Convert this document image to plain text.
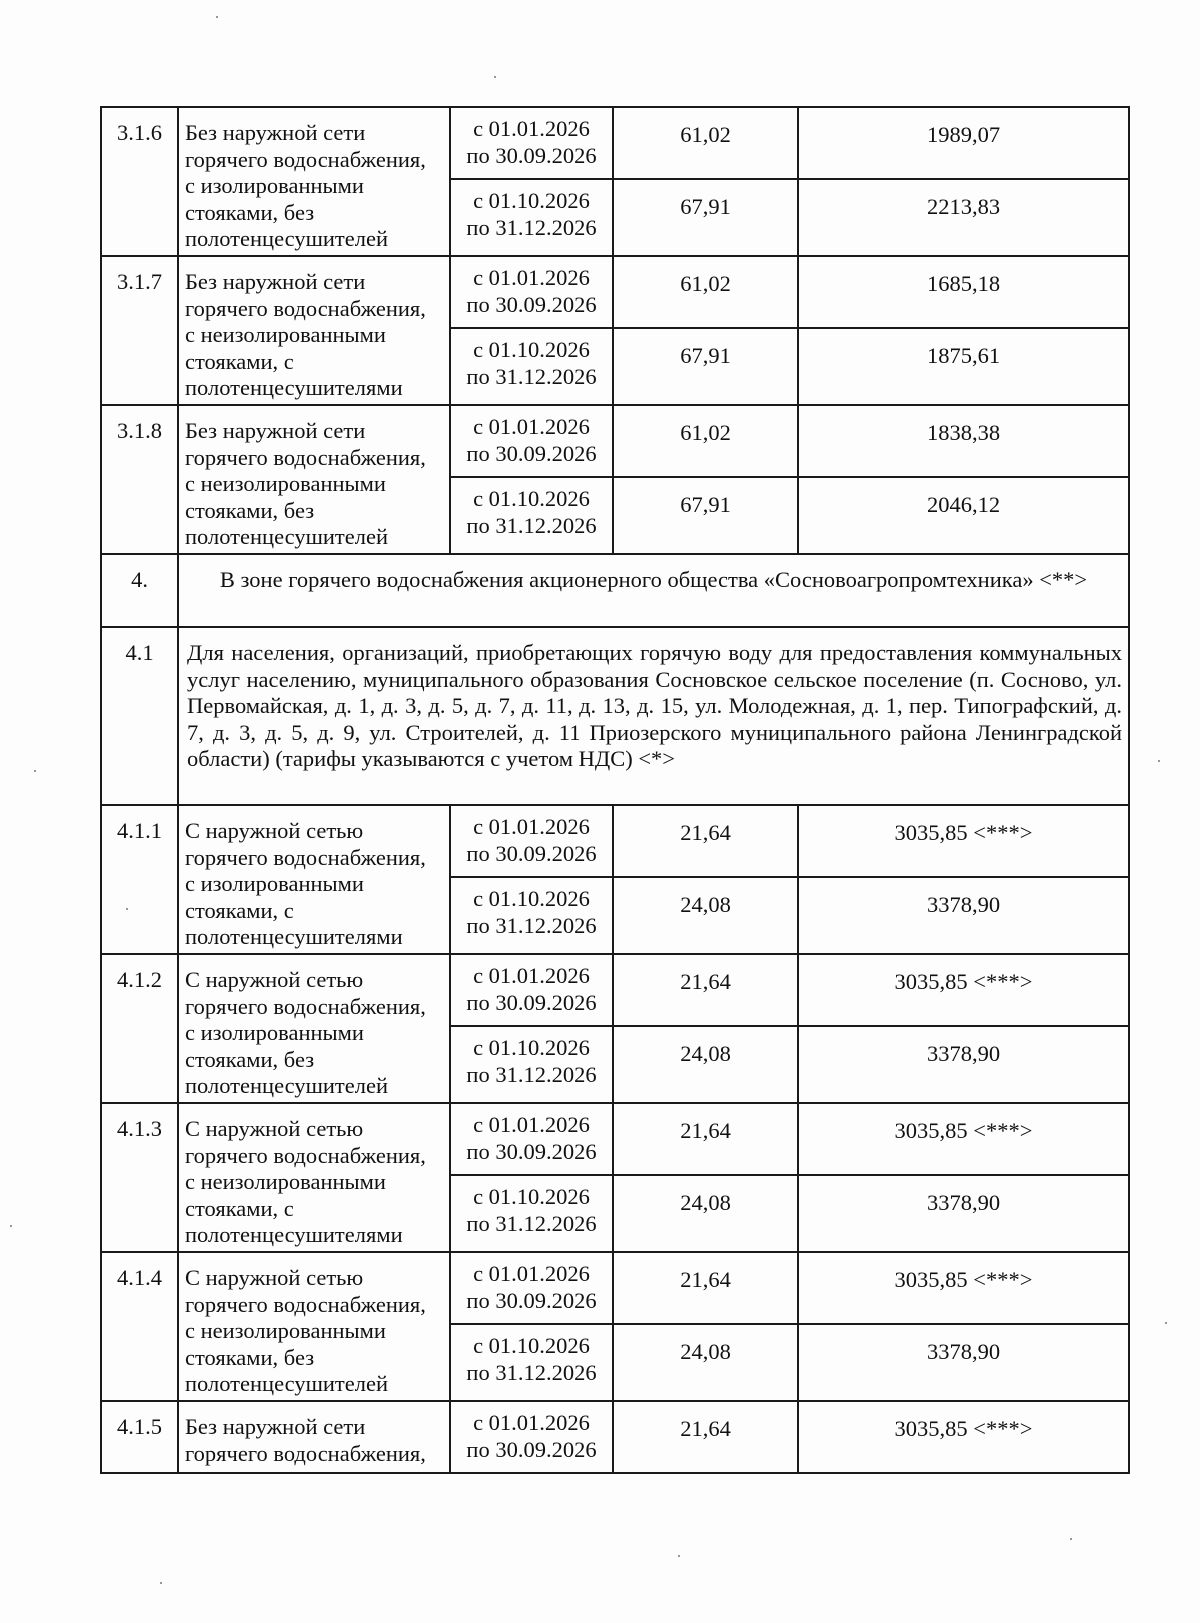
3.1.6	Без наружной сети
горячего водоснабжения,
с изолированными
стояками, без
полотенцесушителей	с 01.01.2026
по 30.09.2026	61,02	1989,07

		с 01.10.2026
по 31.12.2026	67,91	2213,83
3.1.7	Без наружной сети
горячего водоснабжения,
с неизолированными
стояками, с
полотенцесушителями	с 01.01.2026
по 30.09.2026	61,02	1685,18

		с 01.10.2026
по 31.12.2026	67,91	1875,61
3.1.8	Без наружной сети
горячего водоснабжения,
с неизолированными
стояками, без
полотенцесушителей	с 01.01.2026
по 30.09.2026	61,02	1838,38

		с 01.10.2026
по 31.12.2026	67,91	2046,12
4.	В зоне горячего водоснабжения акционерного общества «Сосновоагропромтехника» <**>			
4.1	Для населения, организаций, приобретающих горячую воду для предоставления коммунальных услуг населению, муниципального образования Сосновское сельское поселение (п. Сосново, ул. Первомайская, д. 1, д. 3, д. 5, д. 7, д. 11, д. 13, д. 15, ул. Молодежная, д. 1, пер. Типографский, д. 7, д. 3, д. 5, д. 9, ул. Строителей, д. 11 Приозерского муниципального района Ленинградской области) (тарифы указываются с учетом НДС) <*>			
4.1.1	С наружной сетью
горячего водоснабжения,
с изолированными
стояками, с
полотенцесушителями	с 01.01.2026
по 30.09.2026	21,64	3035,85 <***>

		с 01.10.2026
по 31.12.2026	24,08	3378,90
4.1.2	С наружной сетью
горячего водоснабжения,
с изолированными
стояками, без
полотенцесушителей	с 01.01.2026
по 30.09.2026	21,64	3035,85 <***>

		с 01.10.2026
по 31.12.2026	24,08	3378,90
4.1.3	С наружной сетью
горячего водоснабжения,
с неизолированными
стояками, с
полотенцесушителями	с 01.01.2026
по 30.09.2026	21,64	3035,85 <***>

		с 01.10.2026
по 31.12.2026	24,08	3378,90
4.1.4	С наружной сетью
горячего водоснабжения,
с неизолированными
стояками, без
полотенцесушителей	с 01.01.2026
по 30.09.2026	21,64	3035,85 <***>

		с 01.10.2026
по 31.12.2026	24,08	3378,90
4.1.5	Без наружной сети
горячего водоснабжения,	с 01.01.2026
по 30.09.2026	21,64	3035,85 <***>
